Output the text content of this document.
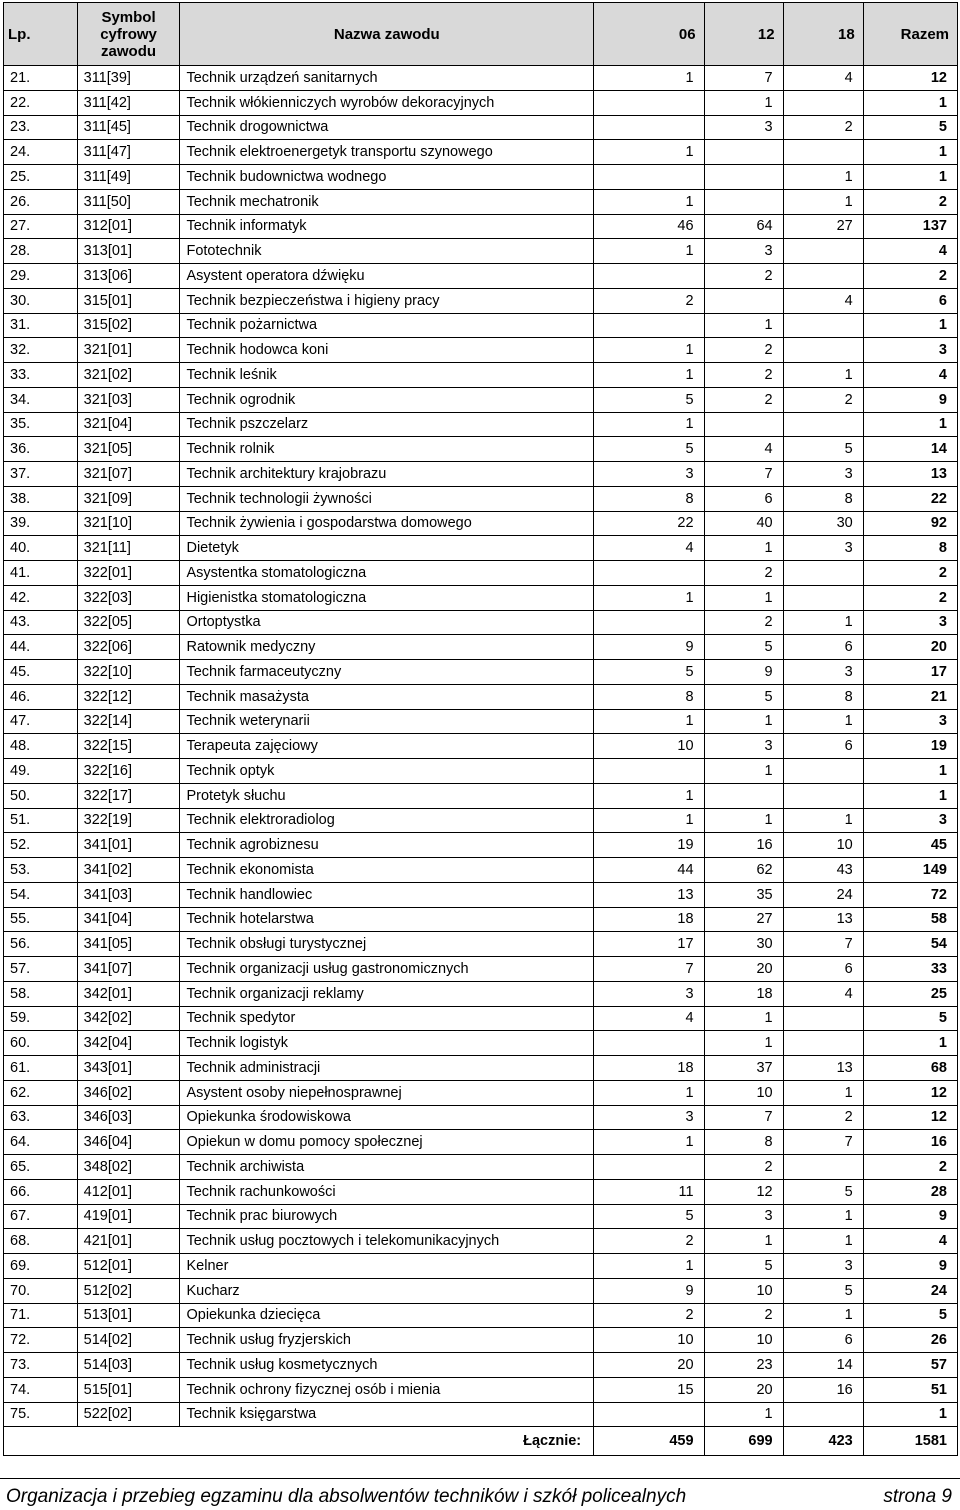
Lp.	Symbol cyfrowy zawodu	Nazwa zawodu	06	12	18	Razem
21.	311[39]	Technik urządzeń sanitarnych	1	7	4	12
22.	311[42]	Technik włókienniczych wyrobów dekoracyjnych		1		1
23.	311[45]	Technik drogownictwa		3	2	5
24.	311[47]	Technik elektroenergetyk transportu szynowego	1			1
25.	311[49]	Technik budownictwa wodnego			1	1
26.	311[50]	Technik mechatronik	1		1	2
27.	312[01]	Technik informatyk	46	64	27	137
28.	313[01]	Fototechnik	1	3		4
29.	313[06]	Asystent operatora dźwięku		2		2
30.	315[01]	Technik bezpieczeństwa i higieny pracy	2		4	6
31.	315[02]	Technik pożarnictwa		1		1
32.	321[01]	Technik hodowca koni	1	2		3
33.	321[02]	Technik leśnik	1	2	1	4
34.	321[03]	Technik ogrodnik	5	2	2	9
35.	321[04]	Technik pszczelarz	1			1
36.	321[05]	Technik rolnik	5	4	5	14
37.	321[07]	Technik architektury krajobrazu	3	7	3	13
38.	321[09]	Technik technologii żywności	8	6	8	22
39.	321[10]	Technik żywienia i gospodarstwa domowego	22	40	30	92
40.	321[11]	Dietetyk	4	1	3	8
41.	322[01]	Asystentka stomatologiczna		2		2
42.	322[03]	Higienistka stomatologiczna	1	1		2
43.	322[05]	Ortoptystka		2	1	3
44.	322[06]	Ratownik medyczny	9	5	6	20
45.	322[10]	Technik farmaceutyczny	5	9	3	17
46.	322[12]	Technik masażysta	8	5	8	21
47.	322[14]	Technik weterynarii	1	1	1	3
48.	322[15]	Terapeuta zajęciowy	10	3	6	19
49.	322[16]	Technik optyk		1		1
50.	322[17]	Protetyk słuchu	1			1
51.	322[19]	Technik elektroradiolog	1	1	1	3
52.	341[01]	Technik agrobiznesu	19	16	10	45
53.	341[02]	Technik ekonomista	44	62	43	149
54.	341[03]	Technik handlowiec	13	35	24	72
55.	341[04]	Technik hotelarstwa	18	27	13	58
56.	341[05]	Technik obsługi turystycznej	17	30	7	54
57.	341[07]	Technik organizacji usług gastronomicznych	7	20	6	33
58.	342[01]	Technik organizacji reklamy	3	18	4	25
59.	342[02]	Technik spedytor	4	1		5
60.	342[04]	Technik logistyk		1		1
61.	343[01]	Technik administracji	18	37	13	68
62.	346[02]	Asystent osoby niepełnosprawnej	1	10	1	12
63.	346[03]	Opiekunka środowiskowa	3	7	2	12
64.	346[04]	Opiekun w domu pomocy społecznej	1	8	7	16
65.	348[02]	Technik archiwista		2		2
66.	412[01]	Technik rachunkowości	11	12	5	28
67.	419[01]	Technik prac biurowych	5	3	1	9
68.	421[01]	Technik usług pocztowych i telekomunikacyjnych	2	1	1	4
69.	512[01]	Kelner	1	5	3	9
70.	512[02]	Kucharz	9	10	5	24
71.	513[01]	Opiekunka dziecięca	2	2	1	5
72.	514[02]	Technik usług fryzjerskich	10	10	6	26
73.	514[03]	Technik usług kosmetycznych	20	23	14	57
74.	515[01]	Technik ochrony fizycznej osób i mienia	15	20	16	51
75.	522[02]	Technik księgarstwa		1		1
		Łącznie:	459	699	423	1581
Organizacja i przebieg egzaminu dla absolwentów techników i szkół policealnych	strona 9
